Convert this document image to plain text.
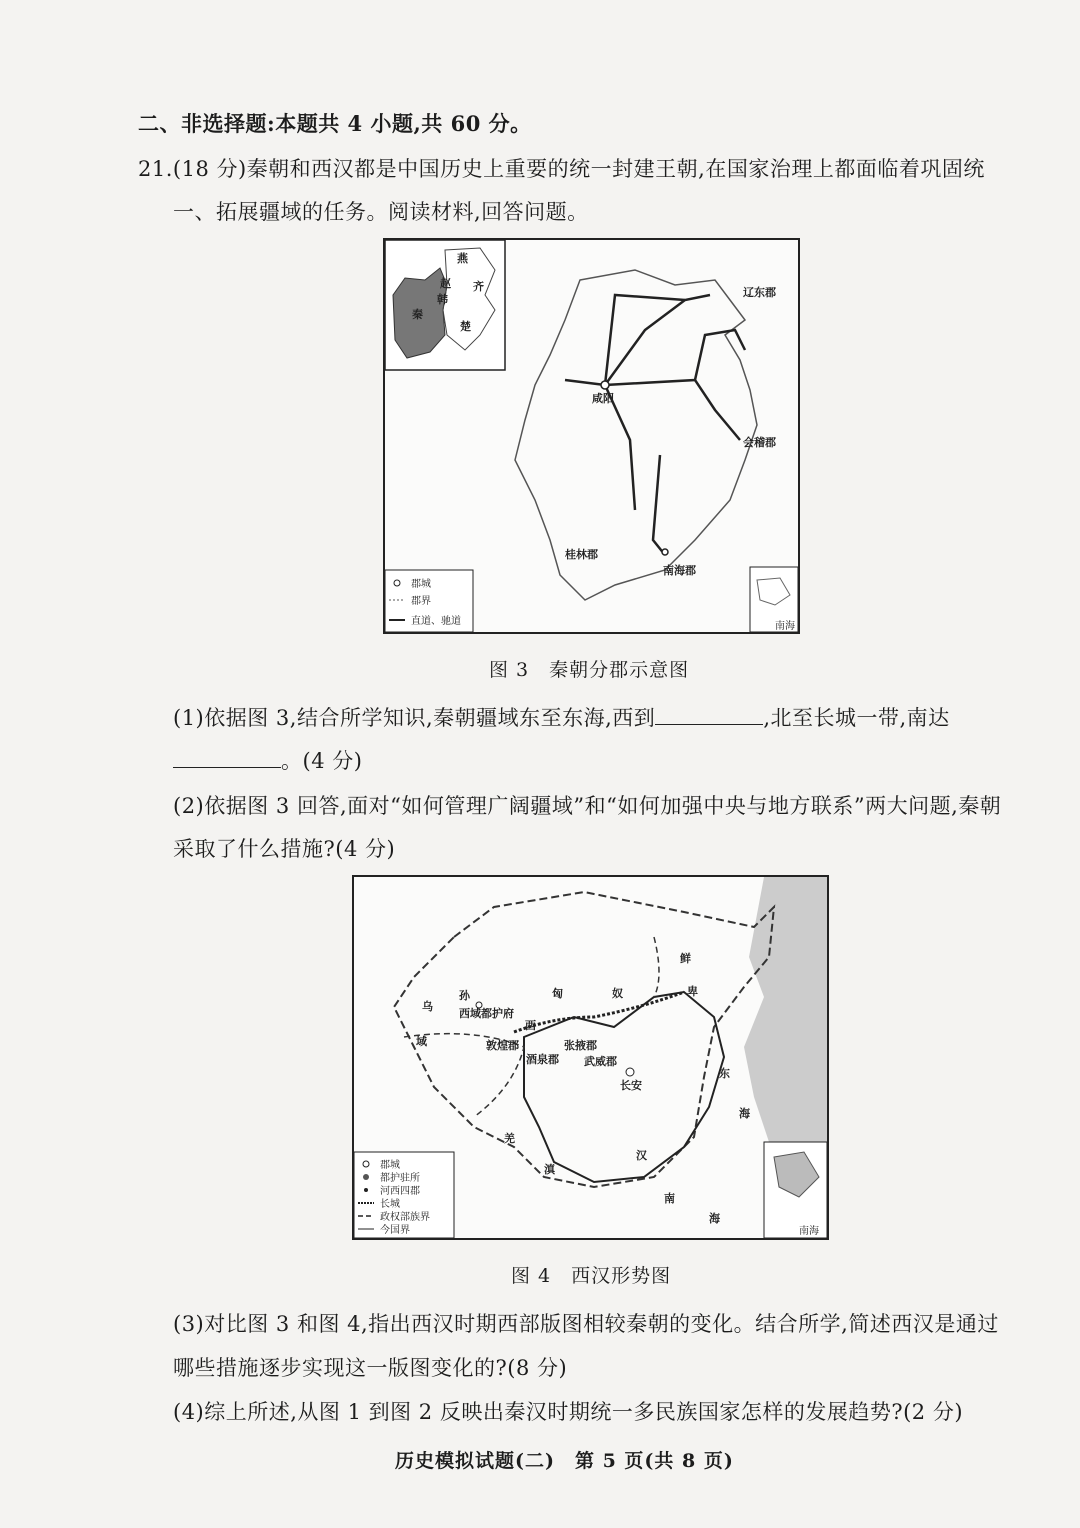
二、非选择题:本题共 4 小题,共 60 分。
21.(18 分)秦朝和西汉都是中国历史上重要的统一封建王朝,在国家治理上都面临着巩固统
一、拓展疆域的任务。阅读材料,回答问题。
燕
赵
韩
齐
秦
楚
辽东郡
咸阳
会稽郡
桂林郡
南海郡
郡城
郡界
直道、驰道	南海
图 3　秦朝分郡示意图
(1)依据图 3,结合所学知识,秦朝疆域东至东海,西到	,北至长城一带,南达
。(4 分)
(2)依据图 3 回答,面对“如何管理广阔疆域”和“如何加强中央与地方联系”两大问题,秦朝
采取了什么措施?(4 分)
乌
孙
西域都护府
匈	奴
鲜
卑
西
域	敦煌郡
酒泉郡
张掖郡
武威郡
长安
东
海
羌
汉
滇
南
海
郡城
都护驻所
河西四郡
长城
政权部族界
今国界	南海
图 4　西汉形势图
(3)对比图 3 和图 4,指出西汉时期西部版图相较秦朝的变化。结合所学,简述西汉是通过
哪些措施逐步实现这一版图变化的?(8 分)
(4)综上所述,从图 1 到图 2 反映出秦汉时期统一多民族国家怎样的发展趋势?(2 分)
历史模拟试题(二)　第 5 页(共 8 页)
